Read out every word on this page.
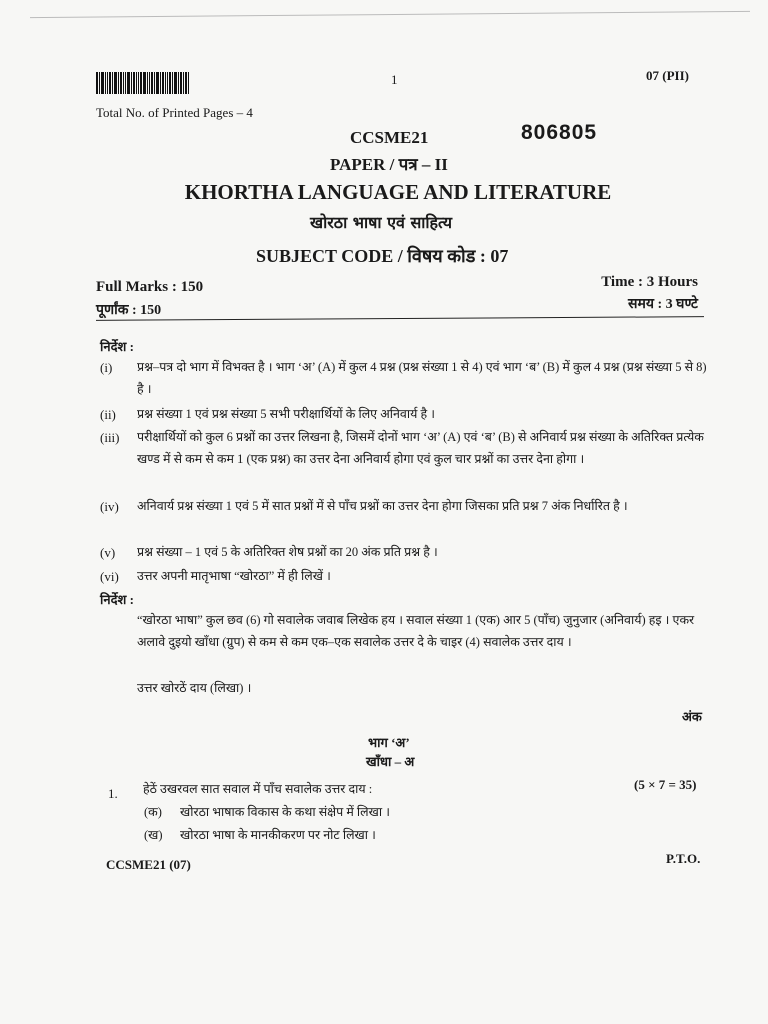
1	07 (PII)
Total No. of Printed Pages – 4
CCSME21	806805
PAPER / पत्र – II
KHORTHA LANGUAGE AND LITERATURE
खोरठा भाषा एवं साहित्य
SUBJECT CODE / विषय कोड : 07
Full Marks : 150
पूर्णांक : 150
Time : 3 Hours
समय : 3 घण्टे
निर्देश :
(i)	प्रश्न–पत्र दो भाग में विभक्त है । भाग ‘अ’ (A) में कुल 4 प्रश्न (प्रश्न संख्या 1 से 4) एवं भाग ‘ब’ (B) में कुल 4 प्रश्न (प्रश्न संख्या 5 से 8) है ।
(ii)	प्रश्न संख्या 1 एवं प्रश्न संख्या 5 सभी परीक्षार्थियों के लिए अनिवार्य है ।
(iii)	परीक्षार्थियों को कुल 6 प्रश्नों का उत्तर लिखना है, जिसमें दोनों भाग ‘अ’ (A) एवं ‘ब’ (B) से अनिवार्य प्रश्न संख्या के अतिरिक्त प्रत्येक खण्ड में से कम से कम 1 (एक प्रश्न) का उत्तर देना अनिवार्य होगा एवं कुल चार प्रश्नों का उत्तर देना होगा ।
(iv)	अनिवार्य प्रश्न संख्या 1 एवं 5 में सात प्रश्नों में से पाँच प्रश्नों का उत्तर देना होगा जिसका प्रति प्रश्न 7 अंक निर्धारित है ।
(v)	प्रश्न संख्या – 1 एवं 5 के अतिरिक्त शेष प्रश्नों का 20 अंक प्रति प्रश्न है ।
(vi)	उत्तर अपनी मातृभाषा “खोरठा” में ही लिखें ।
निर्देश :
“खोरठा भाषा” कुल छव (6) गो सवालेक जवाब लिखेक हय । सवाल संख्या 1 (एक) आर 5 (पाँच) जुनुजार (अनिवार्य) हइ । एकर अलावे दुइयो खाँधा (ग्रुप) से कम से कम एक–एक सवालेक उत्तर दे के चाइर (4) सवालेक उत्तर दाय ।
उत्तर खोरठें दाय (लिखा) ।
अंक
भाग ‘अ’
खाँधा – अ
1. हेठें उखरवल सात सवाल में पाँच सवालेक उत्तर दाय :	(5 × 7 = 35)
(क) खोरठा भाषाक विकास के कथा संक्षेप में लिखा ।
(ख) खोरठा भाषा के मानकीकरण पर नोट लिखा ।
CCSME21 (07)	P.T.O.
